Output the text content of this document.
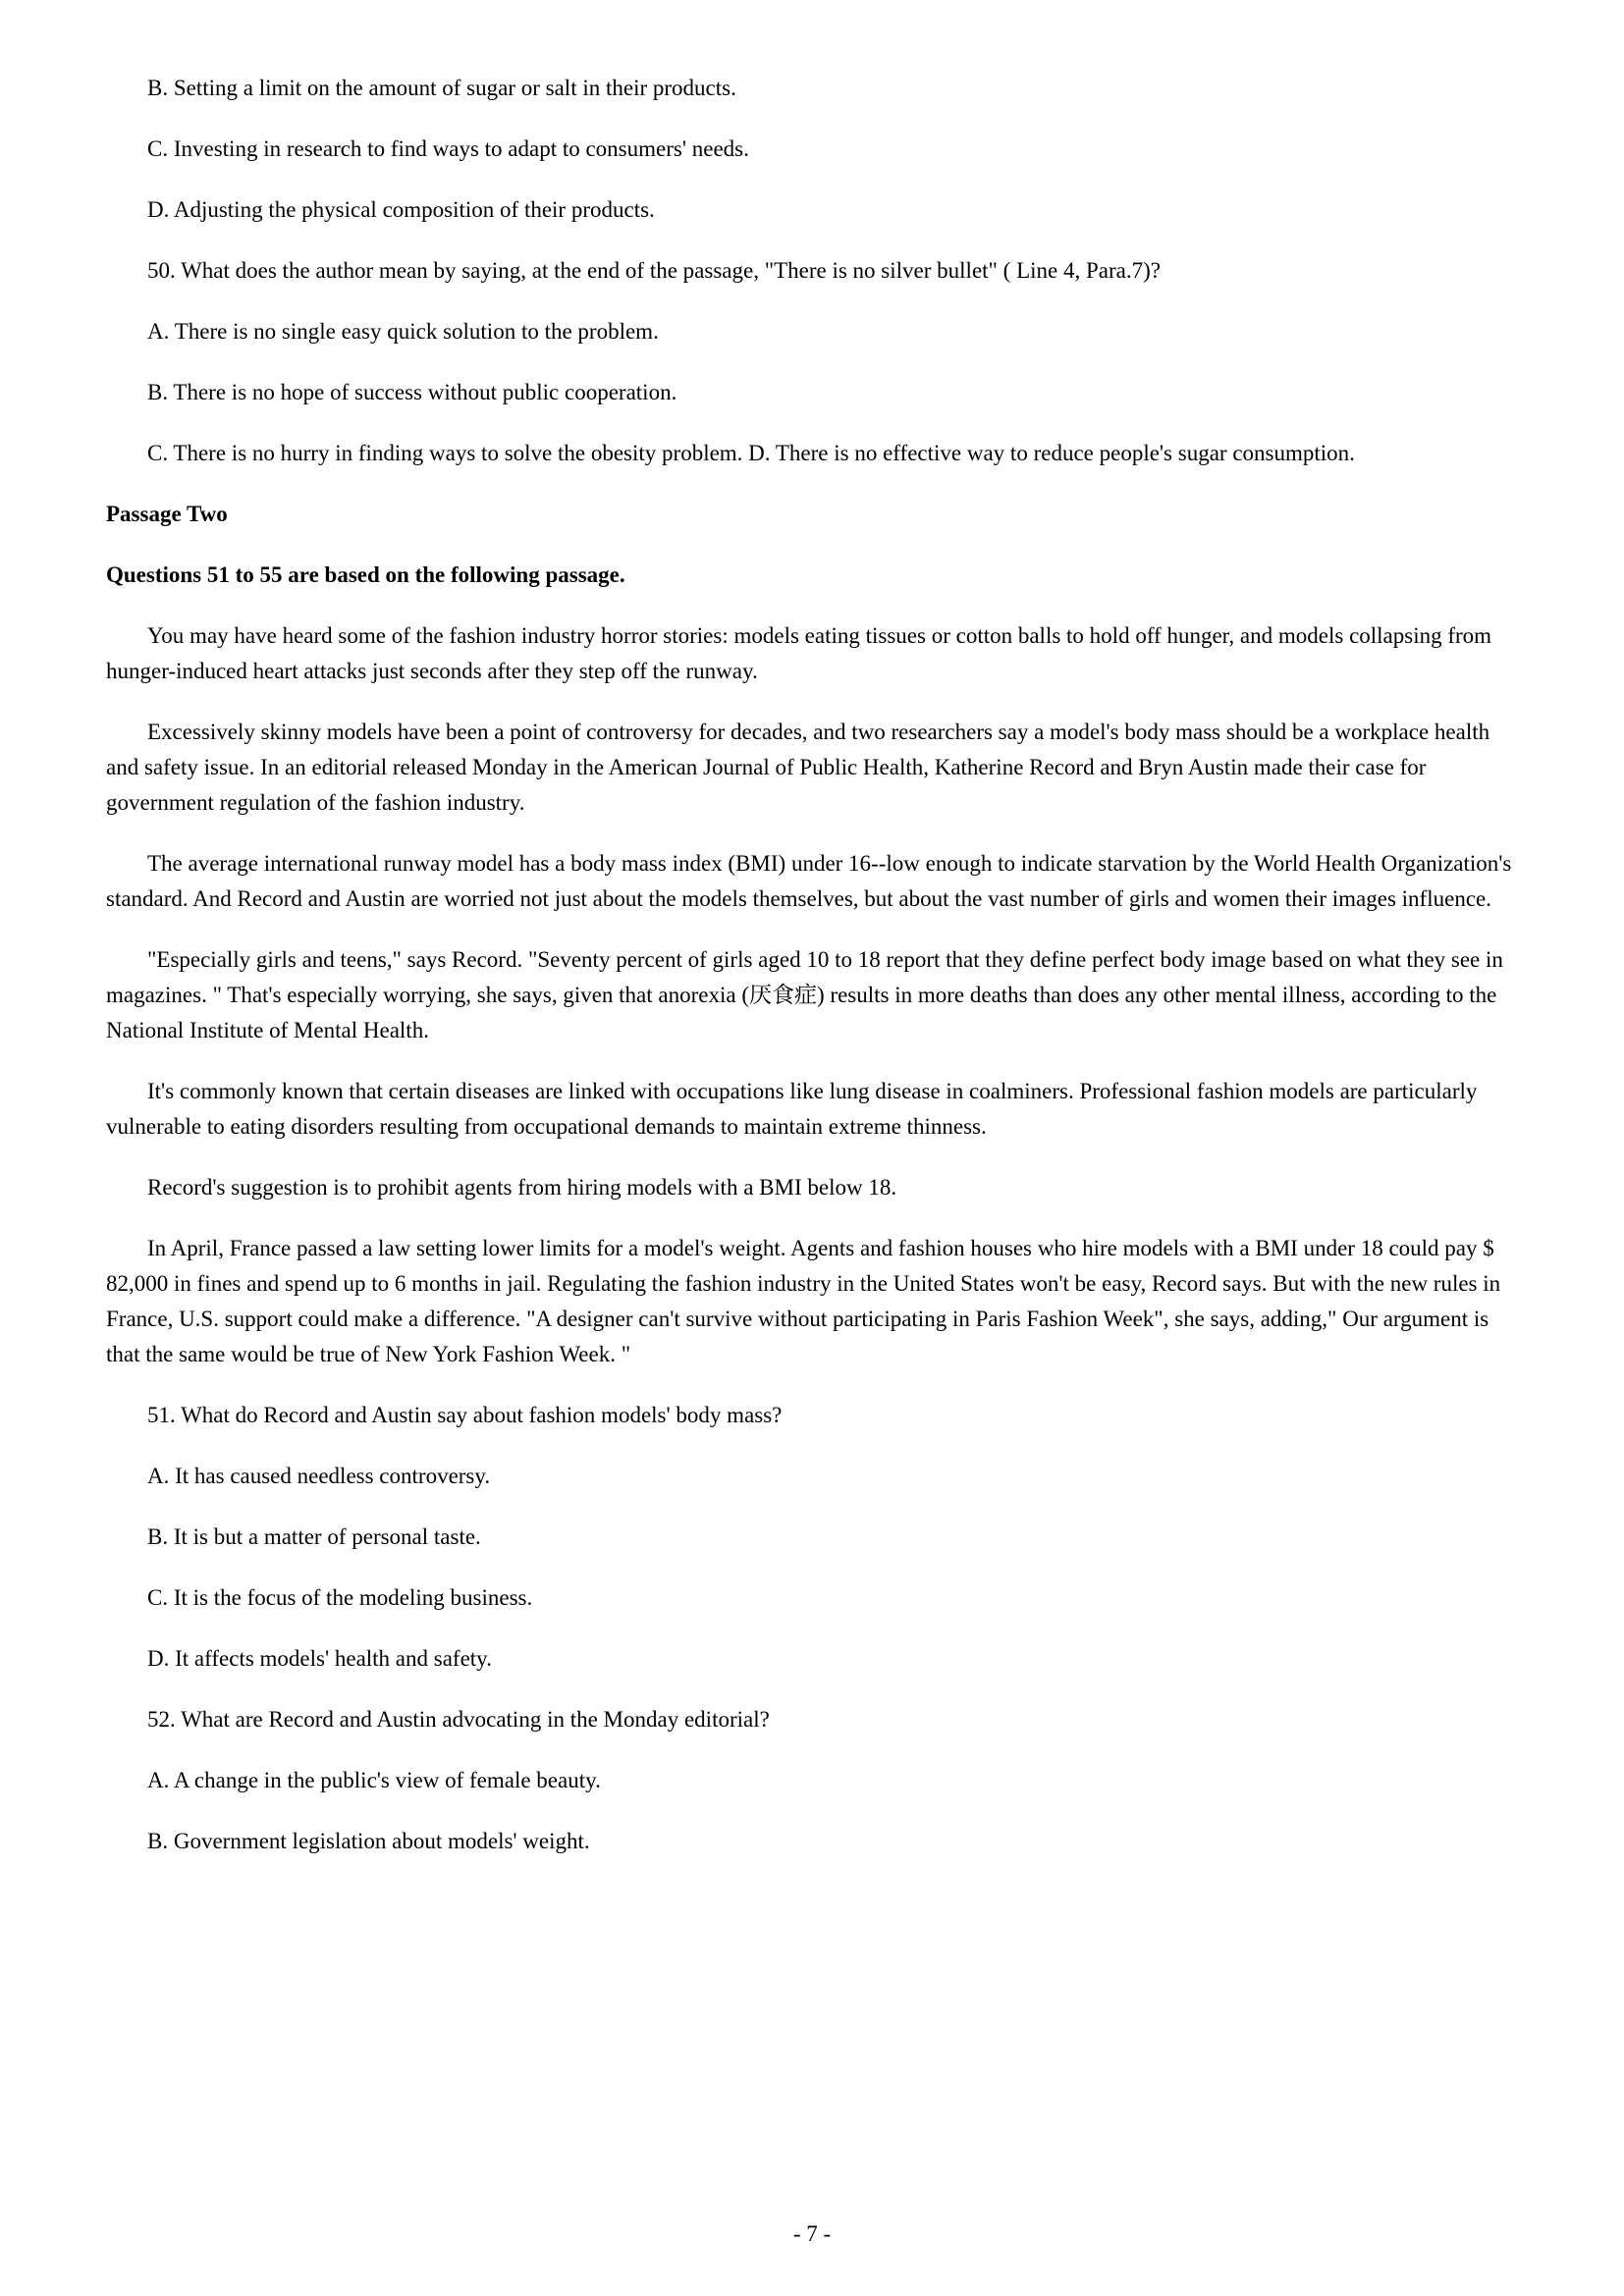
B. Setting a limit on the amount of sugar or salt in their products.

C. Investing in research to find ways to adapt to consumers' needs.

D. Adjusting the physical composition of their products.

50. What does the author mean by saying, at the end of the passage, "There is no silver bullet" ( Line 4, Para.7)?

A. There is no single easy quick solution to the problem.

B. There is no hope of success without public cooperation.

C. There is no hurry in finding ways to solve the obesity problem. D. There is no effective way to reduce people's sugar consumption.

Passage Two

Questions 51 to 55 are based on the following passage.

You may have heard some of the fashion industry horror stories: models eating tissues or cotton balls to hold off hunger, and models collapsing from hunger-induced heart attacks just seconds after they step off the runway.

Excessively skinny models have been a point of controversy for decades, and two researchers say a model's body mass should be a workplace health and safety issue. In an editorial released Monday in the American Journal of Public Health, Katherine Record and Bryn Austin made their case for government regulation of the fashion industry.

The average international runway model has a body mass index (BMI) under 16--low enough to indicate starvation by the World Health Organization's standard. And Record and Austin are worried not just about the models themselves, but about the vast number of girls and women their images influence.

"Especially girls and teens," says Record. "Seventy percent of girls aged 10 to 18 report that they define perfect body image based on what they see in magazines. " That's especially worrying, she says, given that anorexia (厌食症) results in more deaths than does any other mental illness, according to the National Institute of Mental Health.

It's commonly known that certain diseases are linked with occupations like lung disease in coalminers. Professional fashion models are particularly vulnerable to eating disorders resulting from occupational demands to maintain extreme thinness.

Record's suggestion is to prohibit agents from hiring models with a BMI below 18.

In April, France passed a law setting lower limits for a model's weight. Agents and fashion houses who hire models with a BMI under 18 could pay $ 82,000 in fines and spend up to 6 months in jail. Regulating the fashion industry in the United States won't be easy, Record says. But with the new rules in France, U.S. support could make a difference. "A designer can't survive without participating in Paris Fashion Week", she says, adding," Our argument is that the same would be true of New York Fashion Week. "

51. What do Record and Austin say about fashion models' body mass?

A. It has caused needless controversy.

B. It is but a matter of personal taste.

C. It is the focus of the modeling business.

D. It affects models' health and safety.

52. What are Record and Austin advocating in the Monday editorial?

A. A change in the public's view of female beauty.

B. Government legislation about models' weight.

- 7 -
